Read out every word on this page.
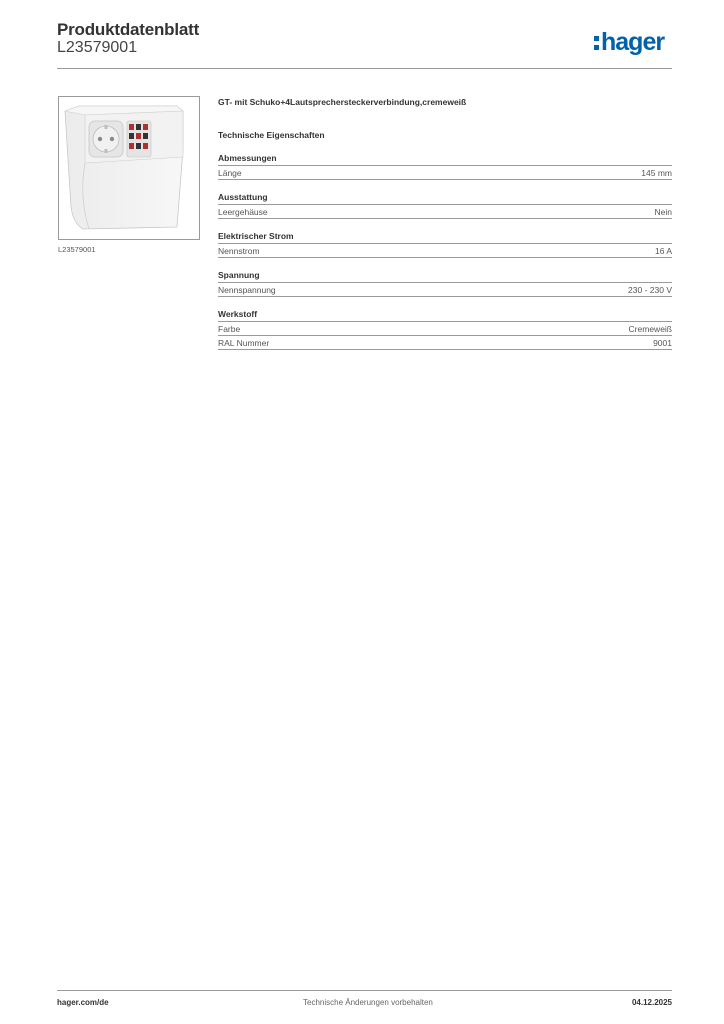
Produktdatenblatt
L23579001	hager
L23579001
GT- mit Schuko+4Lautsprechersteckerverbindung,cremeweiß
Technische Eigenschaften
Abmessungen
Länge	145 mm
Ausstattung
Leergehäuse	Nein
Elektrischer Strom
Nennstrom	16 A
Spannung
Nennspannung	230 - 230 V
Werkstoff
Farbe	Cremeweiß
RAL Nummer	9001
hager.com/de	Technische Änderungen vorbehalten	04.12.2025
